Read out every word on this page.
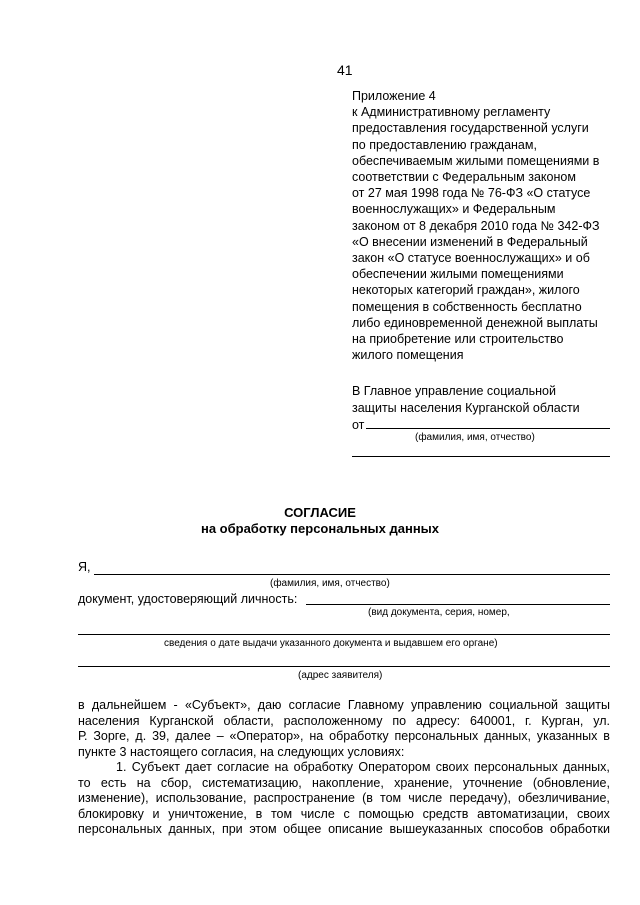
41
Приложение 4
к Административному регламенту
предоставления государственной услуги
по предоставлению гражданам,
обеспечиваемым жилыми помещениями в
соответствии с Федеральным законом
от 27 мая 1998 года № 76-ФЗ «О статусе
военнослужащих» и Федеральным
законом от 8 декабря 2010 года № 342-ФЗ
«О внесении изменений в Федеральный
закон «О статусе военнослужащих» и об
обеспечении жилыми помещениями
некоторых категорий граждан», жилого
помещения в собственность бесплатно
либо единовременной денежной выплаты
на приобретение или строительство
жилого помещения
В Главное управление социальной
защиты населения Курганской области
от
(фамилия, имя, отчество)
СОГЛАСИЕ
на обработку персональных данных
Я,
(фамилия, имя, отчество)
документ, удостоверяющий личность:
(вид документа, серия, номер,
сведения о дате выдачи указанного документа и выдавшем его органе)
(адрес заявителя)
в дальнейшем - «Субъект», даю согласие Главному управлению социальной защиты
населения Курганской области, расположенному по адресу: 640001, г. Курган, ул.
Р. Зорге, д. 39, далее – «Оператор», на обработку персональных данных, указанных в
пункте 3 настоящего согласия, на следующих условиях:
1. Субъект дает согласие на обработку Оператором своих персональных данных,
то есть на сбор, систематизацию, накопление, хранение, уточнение (обновление,
изменение), использование, распространение (в том числе передачу), обезличивание,
блокировку и уничтожение, в том числе с помощью средств автоматизации, своих
персональных данных, при этом общее описание вышеуказанных способов обработки
